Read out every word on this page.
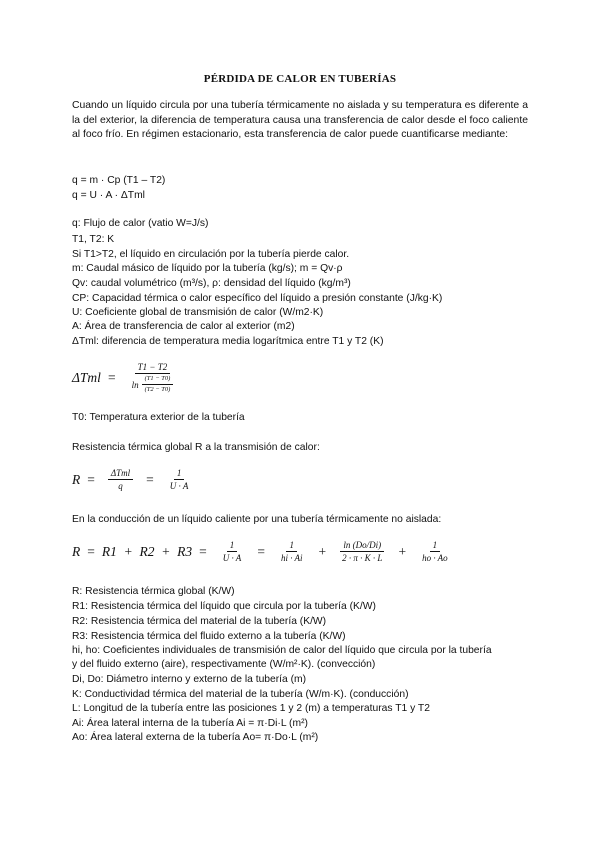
PÉRDIDA DE CALOR EN TUBERÍAS

Cuando un líquido circula por una tubería térmicamente no aislada y su temperatura es diferente a la del exterior, la diferencia de temperatura causa una transferencia de calor desde el foco caliente al foco frío. En régimen estacionario, esta transferencia de calor puede cuantificarse mediante:

q = m · Cp (T1 – T2)
q = U · A · ΔTml
q: Flujo de calor (vatio W=J/s)
T1, T2: K
Si T1>T2, el líquido en circulación por la tubería pierde calor.
m: Caudal másico de líquido por la tubería (kg/s); m = Qv·ρ
Qv: caudal volumétrico (m³/s), ρ: densidad del líquido (kg/m³)
CP: Capacidad térmica o calor específico del líquido a presión constante (J/kg·K)
U: Coeficiente global de transmisión de calor (W/m2·K)
A: Área de transferencia de calor al exterior (m2)
ΔTml: diferencia de temperatura media logarítmica entre T1 y T2 (K)
$\Delta Tml = \frac{T1 - T2}{\ln \frac{(T1 - T0)}{(T2 - T0)}}$
T0: Temperatura exterior de la tubería
Resistencia térmica global R a la transmisión de calor:
$R = \frac{\text{ΔTml}}{q} = \frac{1}{U \cdot A}$
En la conducción de un líquido caliente por una tubería térmicamente no aislada:
$R = R1 + R2 + R3 = \frac{1}{U \cdot A} = \frac{1}{hi \cdot Ai} + \frac{\ln (Do/Di)}{2 \cdot \pi \cdot K \cdot L} + \frac{1}{ho \cdot Ao}$
R: Resistencia térmica global (K/W)
R1: Resistencia térmica del líquido que circula por la tubería (K/W)
R2: Resistencia térmica del material de la tubería (K/W)
R3: Resistencia térmica del fluido externo a la tubería (K/W)
hi, ho: Coeficientes individuales de transmisión de calor del líquido que circula por la tubería
y del fluido externo (aire), respectivamente (W/m²·K). (convección)
Di, Do: Diámetro interno y externo de la tubería (m)
K: Conductividad térmica del material de la tubería (W/m·K). (conducción)
L: Longitud de la tubería entre las posiciones 1 y 2 (m) a temperaturas T1 y T2
Ai: Área lateral interna de la tubería Ai = π·Di·L (m²)
Ao: Área lateral externa de la tubería Ao= π·Do·L (m²)
